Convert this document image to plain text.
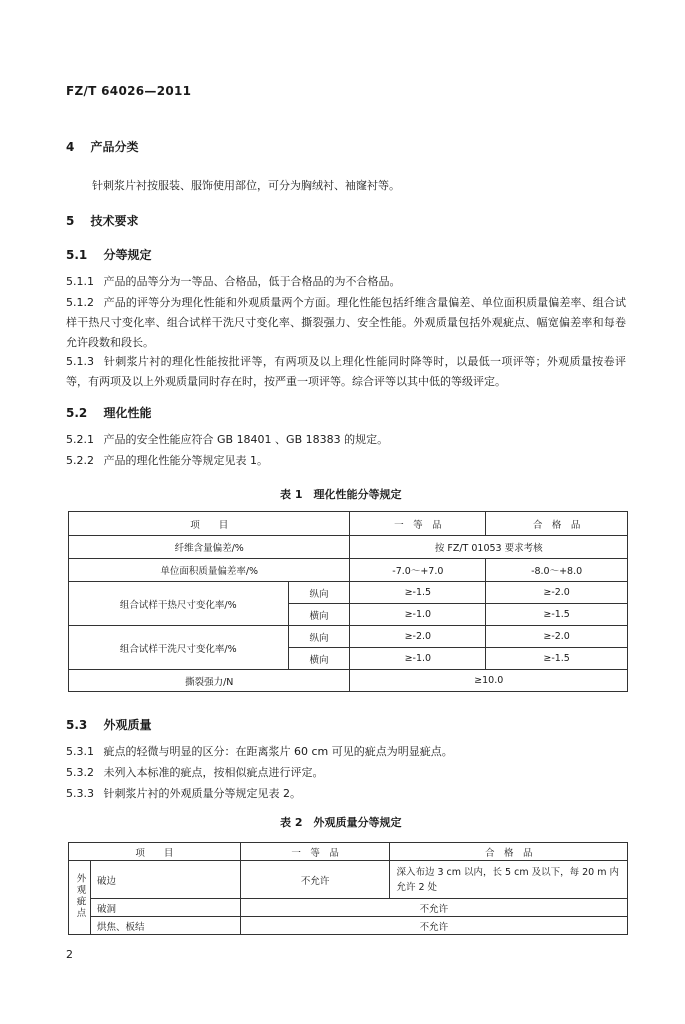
FZ/T 64026—2011
4 产品分类
针刺浆片衬按服装、服饰使用部位，可分为胸绒衬、袖窿衬等。
5 技术要求
5.1 分等规定
5.1.1 产品的品等分为一等品、合格品，低于合格品的为不合格品。
5.1.2 产品的评等分为理化性能和外观质量两个方面。理化性能包括纤维含量偏差、单位面积质量偏差率、组合试样干热尺寸变化率、组合试样干洗尺寸变化率、撕裂强力、安全性能。外观质量包括外观疵点、幅宽偏差率和每卷允许段数和段长。
5.1.3 针刺浆片衬的理化性能按批评等，有两项及以上理化性能同时降等时，以最低一项评等；外观质量按卷评等，有两项及以上外观质量同时存在时，按严重一项评等。综合评等以其中低的等级评定。
5.2 理化性能
5.2.1 产品的安全性能应符合 GB 18401 、GB 18383 的规定。
5.2.2 产品的理化性能分等规定见表 1。
表 1　理化性能分等规定
项　　目		一　等　品	合　格　品
纤维含量偏差/%		按 FZ/T 01053 要求考核	
单位面积质量偏差率/%		-7.0～+7.0	-8.0～+8.0
组合试样干热尺寸变化率/%	纵向	≥-1.5	≥-2.0
	横向	≥-1.0	≥-1.5
组合试样干洗尺寸变化率/%	纵向	≥-2.0	≥-2.0
	横向	≥-1.0	≥-1.5
撕裂强力/N		≥10.0	
5.3 外观质量
5.3.1 疵点的轻微与明显的区分：在距离浆片 60 cm 可见的疵点为明显疵点。
5.3.2 未列入本标准的疵点，按相似疵点进行评定。
5.3.3 针刺浆片衬的外观质量分等规定见表 2。
表 2　外观质量分等规定
项　　目		一　等　品	合　格　品
外观疵点	破边	不允许	深入布边 3 cm 以内，长 5 cm 及以下，每 20 m 内允许 2 处
	破洞	不允许	
	烘焦、板结	不允许	
2
